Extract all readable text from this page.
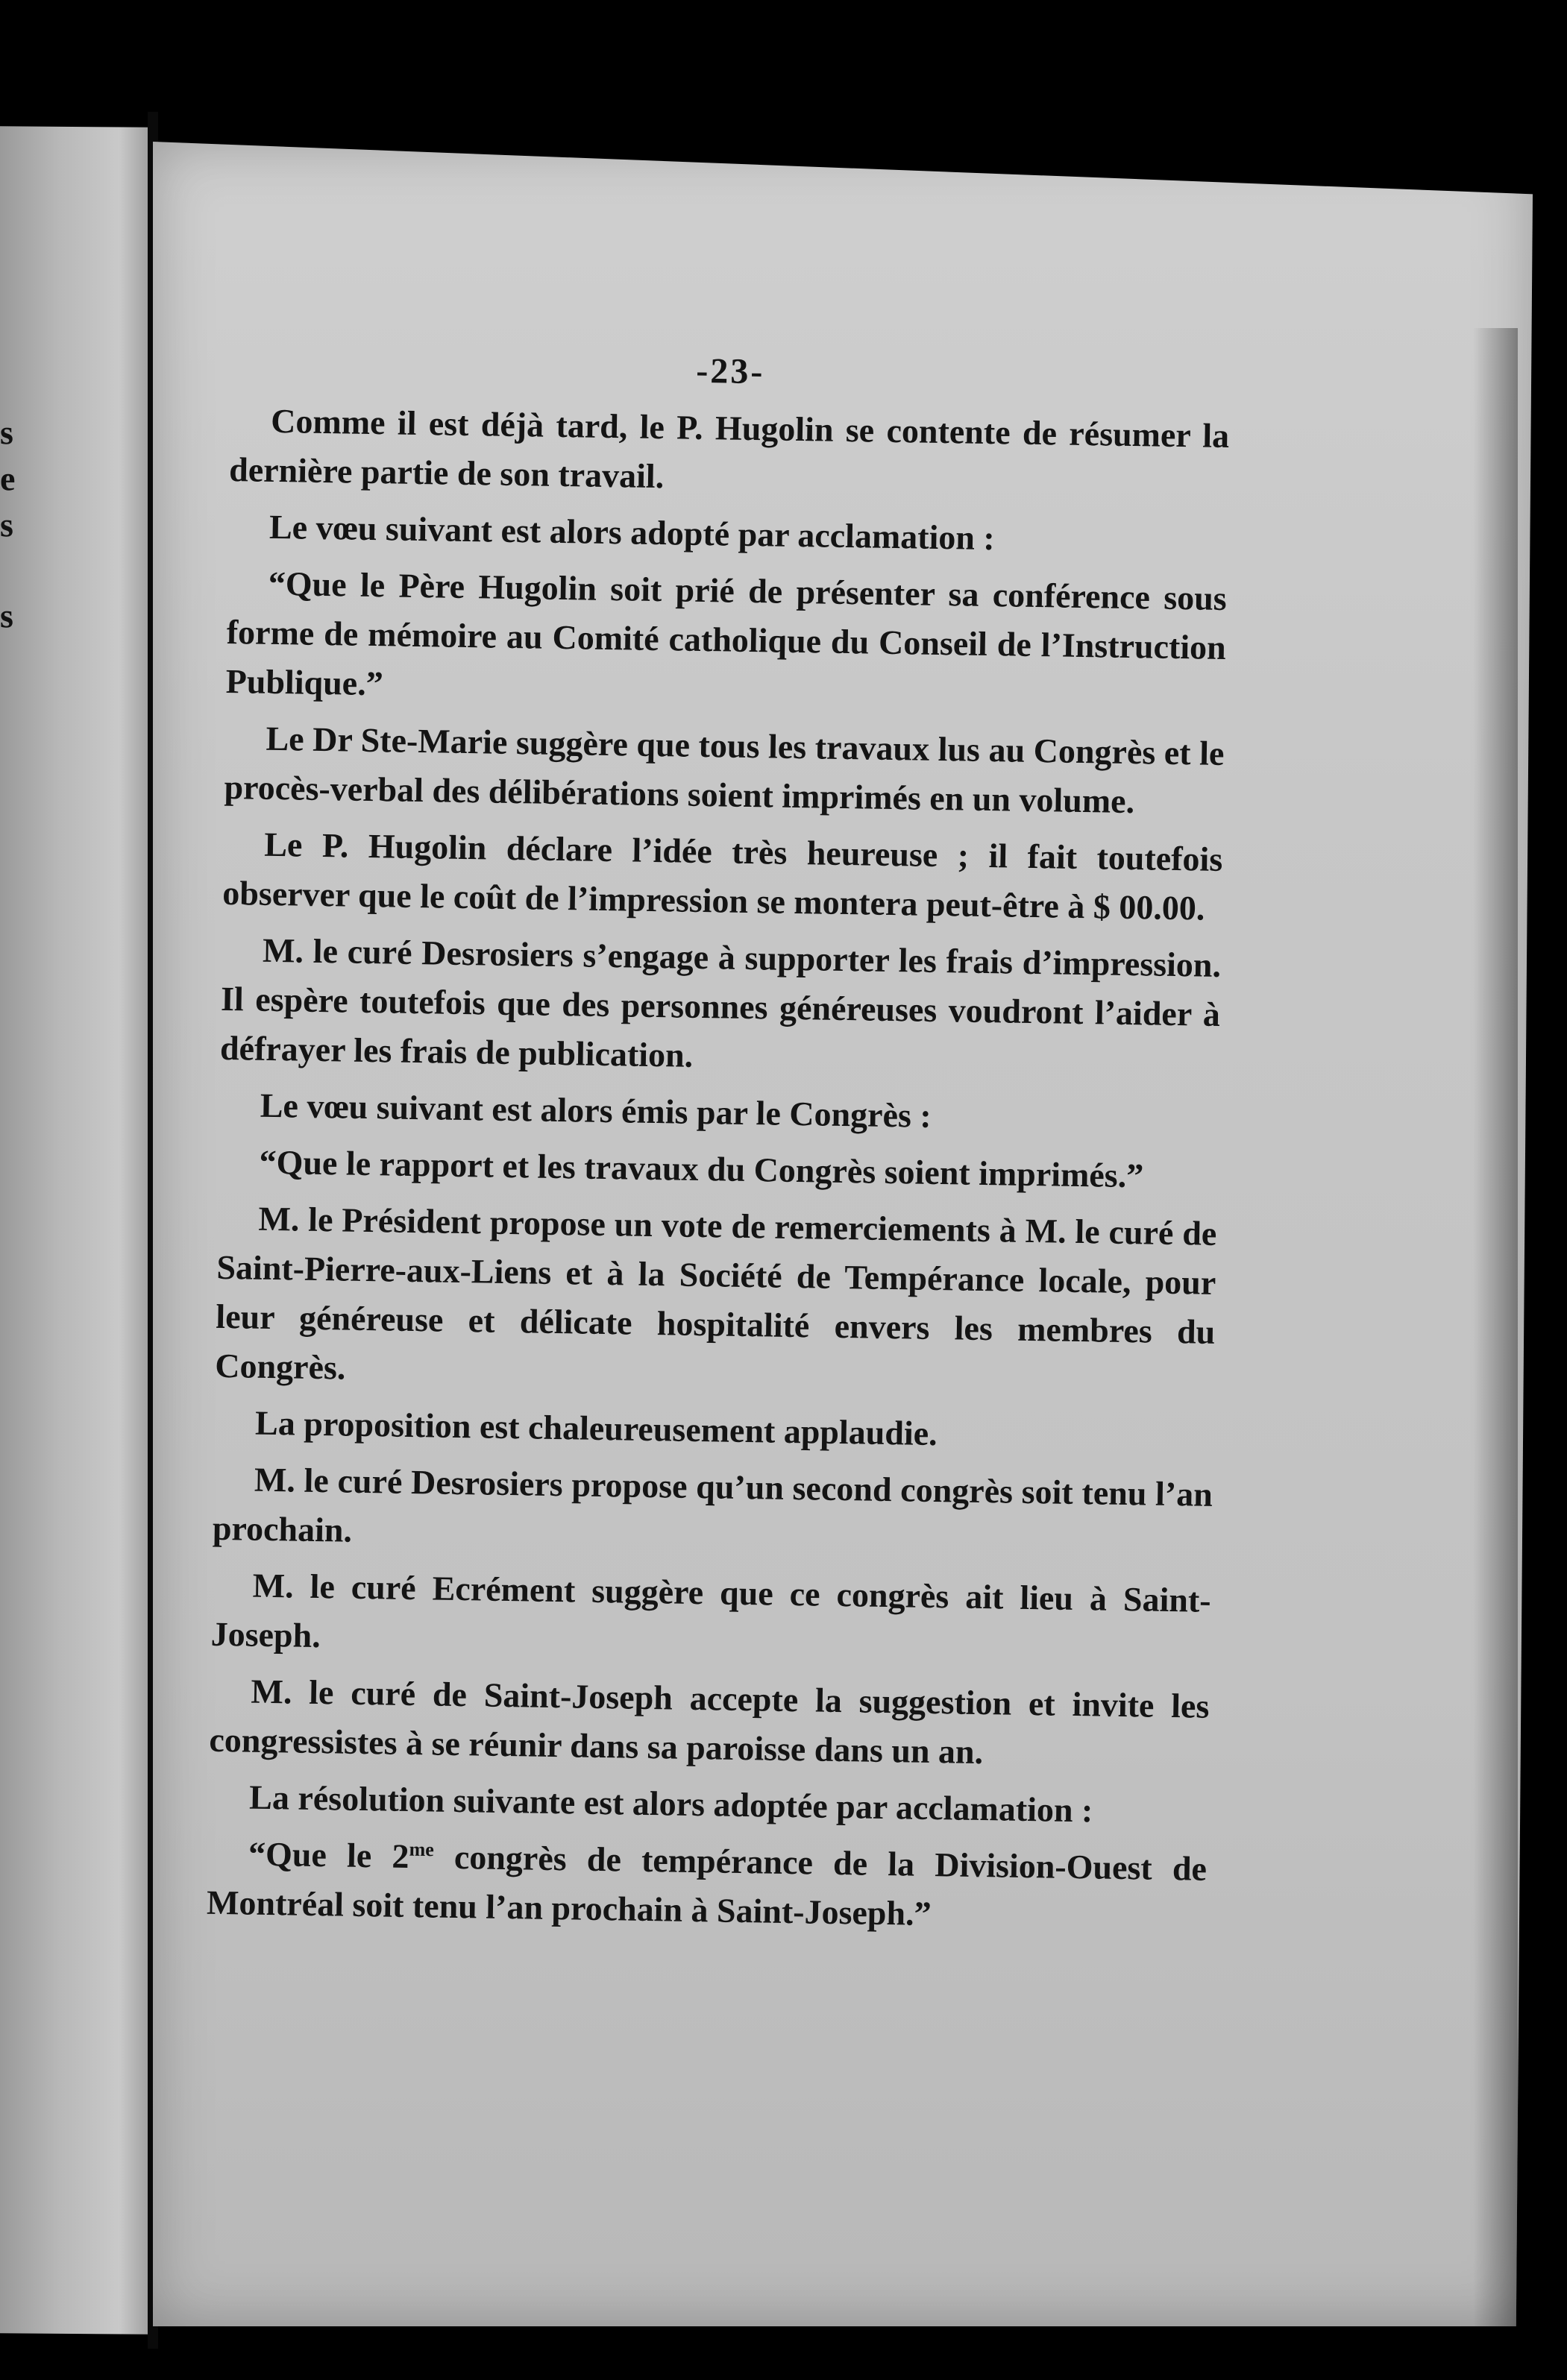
s
e
s
s

-23-

Comme il est déjà tard, le P. Hugolin se contente de résumer la dernière partie de son travail.

Le vœu suivant est alors adopté par acclamation :

“Que le Père Hugolin soit prié de présenter sa conférence sous forme de mémoire au Comité catholique du Conseil de l’Instruction Publique.”

Le Dr Ste-Marie suggère que tous les travaux lus au Congrès et le procès-verbal des délibérations soient imprimés en un volume.

Le P. Hugolin déclare l’idée très heureuse ; il fait toutefois observer que le coût de l’impression se montera peut-être à $ 00.00.

M. le curé Desrosiers s’engage à supporter les frais d’impression. Il espère toutefois que des personnes généreuses voudront l’aider à défrayer les frais de publication.

Le vœu suivant est alors émis par le Congrès :

“Que le rapport et les travaux du Congrès soient imprimés.”

M. le Président propose un vote de remerciements à M. le curé de Saint-Pierre-aux-Liens et à la Société de Tempérance locale, pour leur généreuse et délicate hospitalité envers les membres du Congrès.

La proposition est chaleureusement applaudie.

M. le curé Desrosiers propose qu’un second congrès soit tenu l’an prochain.

M. le curé Ecrément suggère que ce congrès ait lieu à Saint-Joseph.

M. le curé de Saint-Joseph accepte la suggestion et invite les congressistes à se réunir dans sa paroisse dans un an.

La résolution suivante est alors adoptée par acclamation :

“Que le $2^{me}$ congrès de tempérance de la Division-Ouest de Montréal soit tenu l’an prochain à Saint-Joseph.”
